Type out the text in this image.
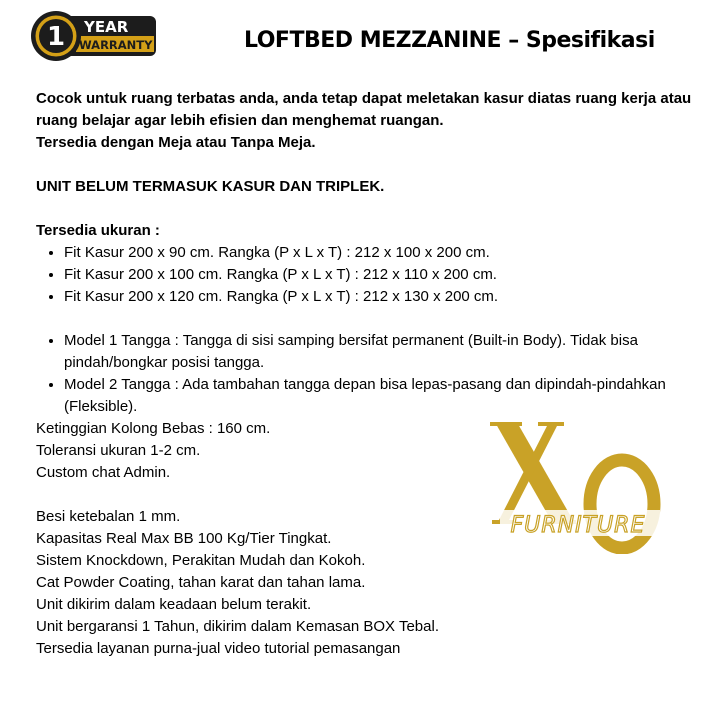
1 YEAR
WARRANTY	LOFTBED MEZZANINE – Spesifikasi

Cocok untuk ruang terbatas anda, anda tetap dapat meletakan kasur diatas ruang kerja atau ruang belajar agar lebih efisien dan menghemat ruangan.

Tersedia dengan Meja atau Tanpa Meja.

UNIT BELUM TERMASUK KASUR DAN TRIPLEK.

Tersedia ukuran :

• Fit Kasur 200 x 90 cm. Rangka (P x L x T) : 212 x 100 x 200 cm.
• Fit Kasur 200 x 100 cm. Rangka (P x L x T) : 212 x 110 x 200 cm.
• Fit Kasur 200 x 120 cm. Rangka (P x L x T) : 212 x 130 x 200 cm.
• Model 1 Tangga : Tangga di sisi samping bersifat permanent (Built-in Body). Tidak bisa pindah/bongkar posisi tangga.
• Model 2 Tangga : Ada tambahan tangga depan bisa lepas-pasang dan dipindah-pindahkan (Fleksible).

Ketinggian Kolong Bebas : 160 cm.

Toleransi ukuran 1-2 cm.

Custom chat Admin.

Besi ketebalan 1 mm.

Kapasitas Real Max BB 100 Kg/Tier Tingkat.

Sistem Knockdown, Perakitan Mudah dan Kokoh.

Cat Powder Coating, tahan karat dan tahan lama.

Unit dikirim dalam keadaan belum terakit.

Unit bergaransi 1 Tahun, dikirim dalam Kemasan BOX Tebal.

Tersedia layanan purna-jual video tutorial pemasangan

FURNITURE
